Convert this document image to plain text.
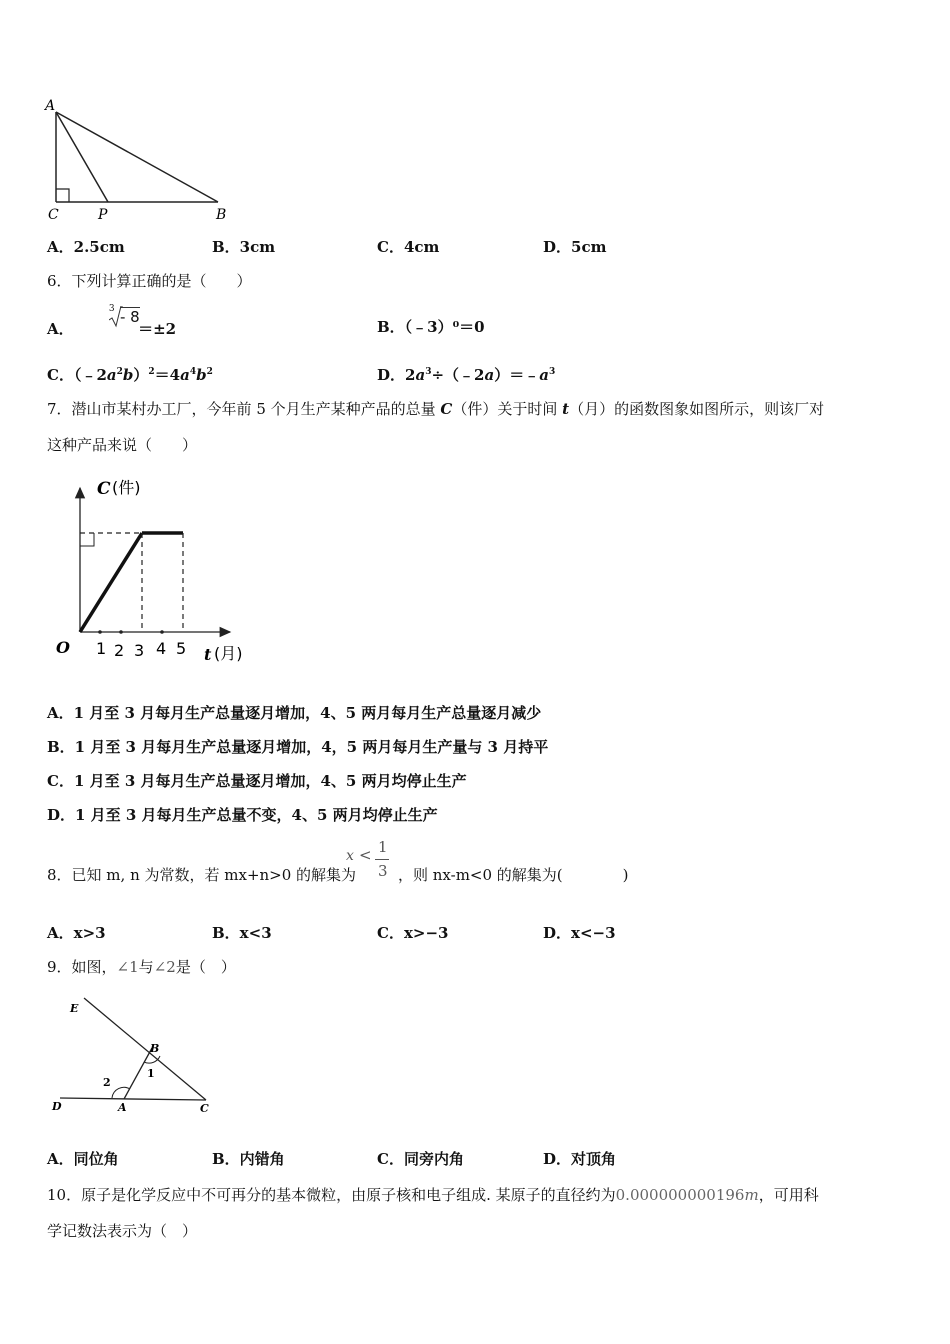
A
C	P	B
A．2.5cm	B．3cm	C．4cm	D．5cm
6．下列计算正确的是（　　）
A．
3
- 8
＝±2	B．（﹣3）⁰＝0
C．$(﹣2a^2b)^2=4a^4b^2$	D．$2a^3\div(﹣2a)=﹣a^3$
7．潜山市某村办工厂，今年前 5 个月生产某种产品的总量 C（件）关于时间 t（月）的函数图象如图所示，则该厂对
这种产品来说（　　）
C (件)
O 1 2 3 4 5 t (月)
A．1 月至 3 月每月生产总量逐月增加，4、5 两月每月生产总量逐月减少
B．1 月至 3 月每月生产总量逐月增加，4，5 两月每月生产量与 3 月持平
C．1 月至 3 月每月生产总量逐月增加，4、5 两月均停止生产
D．1 月至 3 月每月生产总量不变，4、5 两月均停止生产
8．已知 m, n 为常数，若 mx+n>0 的解集为
x < 1
3 ，则 nx-m<0 的解集为(　　　　)
A．x>3	B．x<3	C．x>−3	D．x<−3
9．如图，∠1与∠2是（　）
E
B
1
2
D	A	C
A．同位角	B．内错角	C．同旁内角	D．对顶角
10．原子是化学反应中不可再分的基本微粒，由原子核和电子组成. 某原子的直径约为0.000000000196m，可用科
学记数法表示为（　）
